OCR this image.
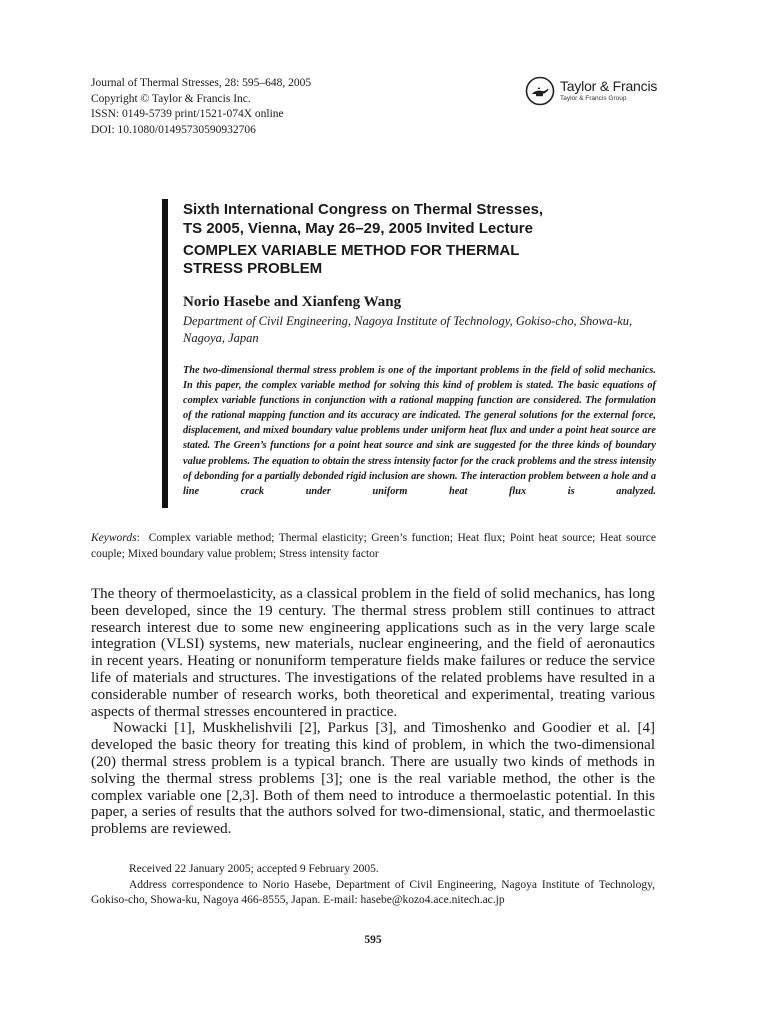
Journal of Thermal Stresses, 28: 595–648, 2005
Copyright © Taylor & Francis Inc.
ISSN: 0149-5739 print/1521-074X online
DOI: 10.1080/01495730590932706
Taylor & Francis
Taylor & Francis Group
Sixth International Congress on Thermal Stresses,
TS 2005, Vienna, May 26–29, 2005 Invited Lecture
COMPLEX VARIABLE METHOD FOR THERMAL
STRESS PROBLEM
Norio Hasebe and Xianfeng Wang
Department of Civil Engineering, Nagoya Institute of Technology, Gokiso-cho, Showa-ku, Nagoya, Japan
The two-dimensional thermal stress problem is one of the important problems in the field of solid mechanics. In this paper, the complex variable method for solving this kind of problem is stated. The basic equations of complex variable functions in conjunction with a rational mapping function are considered. The formulation of the rational mapping function and its accuracy are indicated. The general solutions for the external force, displacement, and mixed boundary value problems under uniform heat flux and under a point heat source are stated. The Green’s functions for a point heat source and sink are suggested for the three kinds of boundary value problems. The equation to obtain the stress intensity factor for the crack problems and the stress intensity of debonding for a partially debonded rigid inclusion are shown. The interaction problem between a hole and a line crack under uniform heat flux is analyzed.
Keywords:  Complex variable method; Thermal elasticity; Green’s function; Heat flux; Point heat source; Heat source couple; Mixed boundary value problem; Stress intensity factor

The theory of thermoelasticity, as a classical problem in the field of solid mechanics, has long been developed, since the 19 century. The thermal stress problem still continues to attract research interest due to some new engineering applications such as in the very large scale integration (VLSI) systems, new materials, nuclear engineering, and the field of aeronautics in recent years. Heating or nonuniform temperature fields make failures or reduce the service life of materials and structures. The investigations of the related problems have resulted in a considerable number of research works, both theoretical and experimental, treating various aspects of thermal stresses encountered in practice.

Nowacki [1], Muskhelishvili [2], Parkus [3], and Timoshenko and Goodier et al. [4] developed the basic theory for treating this kind of problem, in which the two-dimensional (20) thermal stress problem is a typical branch. There are usually two kinds of methods in solving the thermal stress problems [3]; one is the real variable method, the other is the complex variable one [2,3]. Both of them need to introduce a thermoelastic potential. In this paper, a series of results that the authors solved for two-dimensional, static, and thermoelastic problems are reviewed.

Received 22 January 2005; accepted 9 February 2005.

Address correspondence to Norio Hasebe, Department of Civil Engineering, Nagoya Institute of Technology, Gokiso-cho, Showa-ku, Nagoya 466-8555, Japan. E-mail: hasebe@kozo4.ace.nitech.ac.jp

595
